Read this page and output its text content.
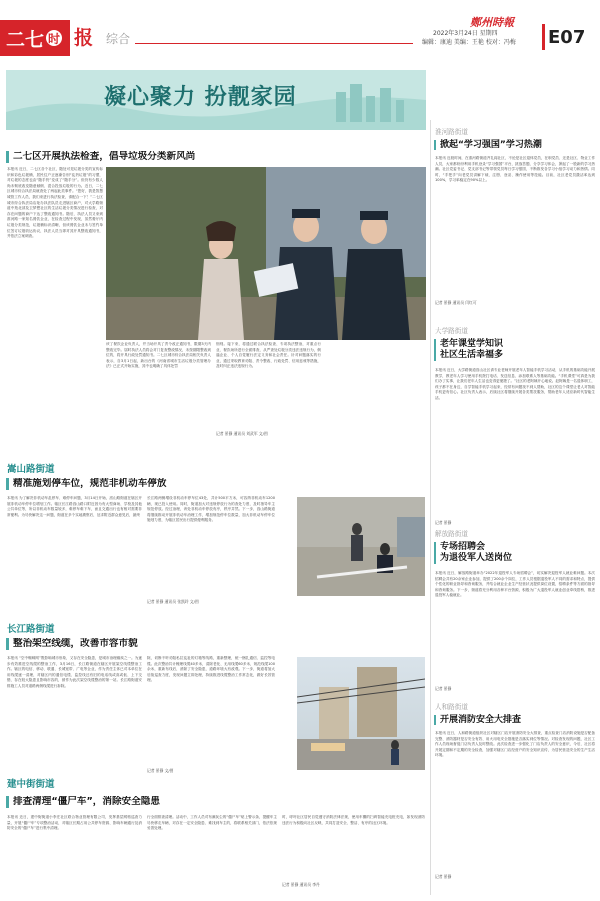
二七 时 报 综合
鄭州時報
2022年3月24日 星期四
编辑：康迪 美编：王艳 校对：冯梅 E07
凝心聚力 扮靓家园
二七区开展执法检查，倡导垃圾分类新风尚
本报讯 近日，二七区各个社区，随处可见垃圾分类的宣传标识和彩色垃圾桶，居民住户正逐渐告别“乱扔垃圾”的习惯，对垃圾的态度也由“随手扔”变成了“随手分”。但仍有少数人尚未彻底改变随意倾倒、混合投放垃圾的行为。近日，二七区城市综合执法局就查处了两起此类事件。“您好，我是智慧城管工作人员，我们来进行执法检查，请配合一下！”二七区城市综合执法局店址办执法队员走进辖区商户，对大学路街道中苑北部及卫梦想社区的生活垃圾分类情况进行检查，对存在问题的商户下达了整改通知书。随后，执法人员又来到淮河路一家知名餐饮企业，在检查过程中发现，虽然餐厅内垃圾分类规范，垃圾桶标识清晰，但该餐饮企业未与签约单位签订垃圾收运协议，执法人员当即对其开具整改通知书，并依法立案调查。
该了餐饮企业负责人，并当场开具了责令改正通知书，限期3天内整改完毕。届时执法人员将会对门复查整改情况，未按期限整改到位的，将开具行政处罚通知书。二七区城市综合执法局相关负责人表示，自3月1日起，新出台的《河南省城市生活垃圾分类管理办法》已正式开始实施，其中也明确了具体处罚
细则。接下来，将通过联合执法检查、专项执法整治，对重点行业、餐饮场所进行全面排查，从严查处垃圾分类违法违规行为，倒逼企业、个人自觉履行法定义务和社会责任。针对问题落实的行业，通过采取教育劝阻、责令整改、行政处罚、信用惩戒等措施，及时纠正违法违规行为。
记者 景静 通讯员 刘武军 文/图
嵩山路街道
精准施划停车位，规范非机动车停放
本报讯 为了解决非机动车乱停车、难停车问题，3月14日开始，嵩山路街道在辖区开展非机动车停车位增划工作。辖区长江路嵩山路口附近因为有大型商场、学校及其他公共单位等，所以非机动车数量较多，难停车难下车，而且交通出行也有相对需要非常便利。为尽快解决这一问题，街道在多个实地勘察后，征求附近群众意见后，最终
长江路两侧增设非机动车停车位43处，共计500平方米，可容纳非机动车1200辆，现已投入使用。同时，街道加大对违规停放行为的查处力度，及时指导车主规范停放。经过治理，该处非机动车停放有序，秩序井然。下一步，嵩山路街道将继续推动开展非机动车治理工作，增加规范停车位数量，加大非机动车停车位施划力度，为辖区居民出行提供便利服务。
记者 景静 通讯员 张凯玲 文/图
长江路街道
整治架空线缆，改善市容市貌
本报讯 “空中蜘蛛网”既影响城市形象，又存在安全隐患，是城市治理痼疾之一。为逐步有效推进空线缆的整治工作，3月16日，长江路街道在辖区开展架空线缆整治工作。辖区的电信、移动、联通、长城宽带、广电等企业，作为责任主体已对本单位在用线缆逐一清理，对辖区内的通信电缆、监控线还有旧的电话线或高或低、上下交错、存在较大隐患且影响市容的，被作为此次架空线缆整治的第一站。长江路街道安排施工人员对道路两侧线缆进行拆除。
除，切断不听劝阻私拉乱扯的灯箱等线路，重新整理，统一捆扎通信、监控等电缆。此次整治共计梳理线缆40多米，清除老化、无用线缆60多米，规范线缆100余米，重新布线后，消除了安全隐患，道路环境大有改观。下一步，街道将加大后续巡查力度，发现问题立即处理，持续推进线缆整治工作常态化，做好长效管理。
记者 景静 文/图
建中街街道
排查清理“僵尸车”，消除安全隐患
本报讯 近日，建中街街道小李庄社区联合物业管理有限公司，发挥基层网格巡查力量，开展“僵尸车”专项整治活动，对辖区长期占用公共停车资源、影响车辆通行及消防安全的“僵尸车”进行集中清理。
行全面排查清理。活动中，工作人员对布满灰尘的“僵尸车”贴上警示条，提醒车主尽快移走车辆，对存在一定安全隐患、难找到车主的，将联系相关部门，依法依规妥善处理。
时，呼吁社区居民自觉遵守消防法律法规，使用车棚的扫码智能充电桩充电，如发现消防违法行为积极向社区反映，共同打造安全、整洁、有序的社区环境。
记者 景静 通讯员 李丹
淮河路街道
掀起“学习强国”学习热潮
本报讯 近段时间，在淮河路街道齐礼阎社区，不论是社区退休党员，在职党员、还是社区、物业工作人员，大家都纷纷利用手机登录“学习强国”平台，挑战答题、分享学习体会，掀起了一股新的学习热潮。社区党委书记、党支部书记等带领党员每日学习强国，不断推发各学习小组学习动力和热情。同时，“手把手”向老党员讲解下载、注册、登录、操作使用等技能。目前，社区老党员激活率达到100%，学习率稳定在90%以上。
记者 景静 通讯员 闫红可
大学路街道
老年课堂学知识
社区生活幸福多
本报讯 近日，大学路街道嵩山社区请专业老师开展老年人智能手机学习活动，从手机的基础功能开展教学，教老年人学习使用手机拨打电话、发送信息、添加联系人等基础功能。“手机课堂”可真是为我们办了实事，让我们老年人生活也变得更便捷了。”社区的老阿姨开心地说。赵阿姨是一名退休职工，孩子都不在身边，自学智能手机学习起来，经常有问题找不到人帮助，社区的这个课堂让老人对智能手机更有信心。社区负责人表示，后续社区将继续开展各类帮扶服务，帮助老年人适应新时代智能生活。
记者 景静
解放路街道
专场招聘会
为退役军人送岗位
本报讯 近日，解放路街道举办“2022年退役军人专场招聘会”，切实解决退役军人就业难问题。本次招聘会共有20余家企业参加，提供了200余个岗位，工作人员根据退役军人不同的需求和特点，提供个性化的职业指导和咨询服务，并结合就业企业生产经营状况提供岗位设置，招聘条件等方面的指导和咨询服务。下一步，街道将充分利用各种平台资源，积极为广大退役军人就业创业牵线搭桥，推进退役军人稳就业。
记者 景静
人和路街道
开展消防安全大排查
本报讯 近日，人和路街道组织社区对辖区门店开展消防安全大排查，重点检查门店消防设施是否配备完整、消防器材是否安全有效、用火用电安全措施是否落实到位等情况。对检查发现的问题，社区工作人员现场督促门店负责人及时整改。此次检查进一步强化了门店负责人的安全意识，今后，社区将开展定期和不定期的安全检查，加强对辖区门店经营户的安全知识宣传，为居民营造安全的生产生活环境。
记者 景静
